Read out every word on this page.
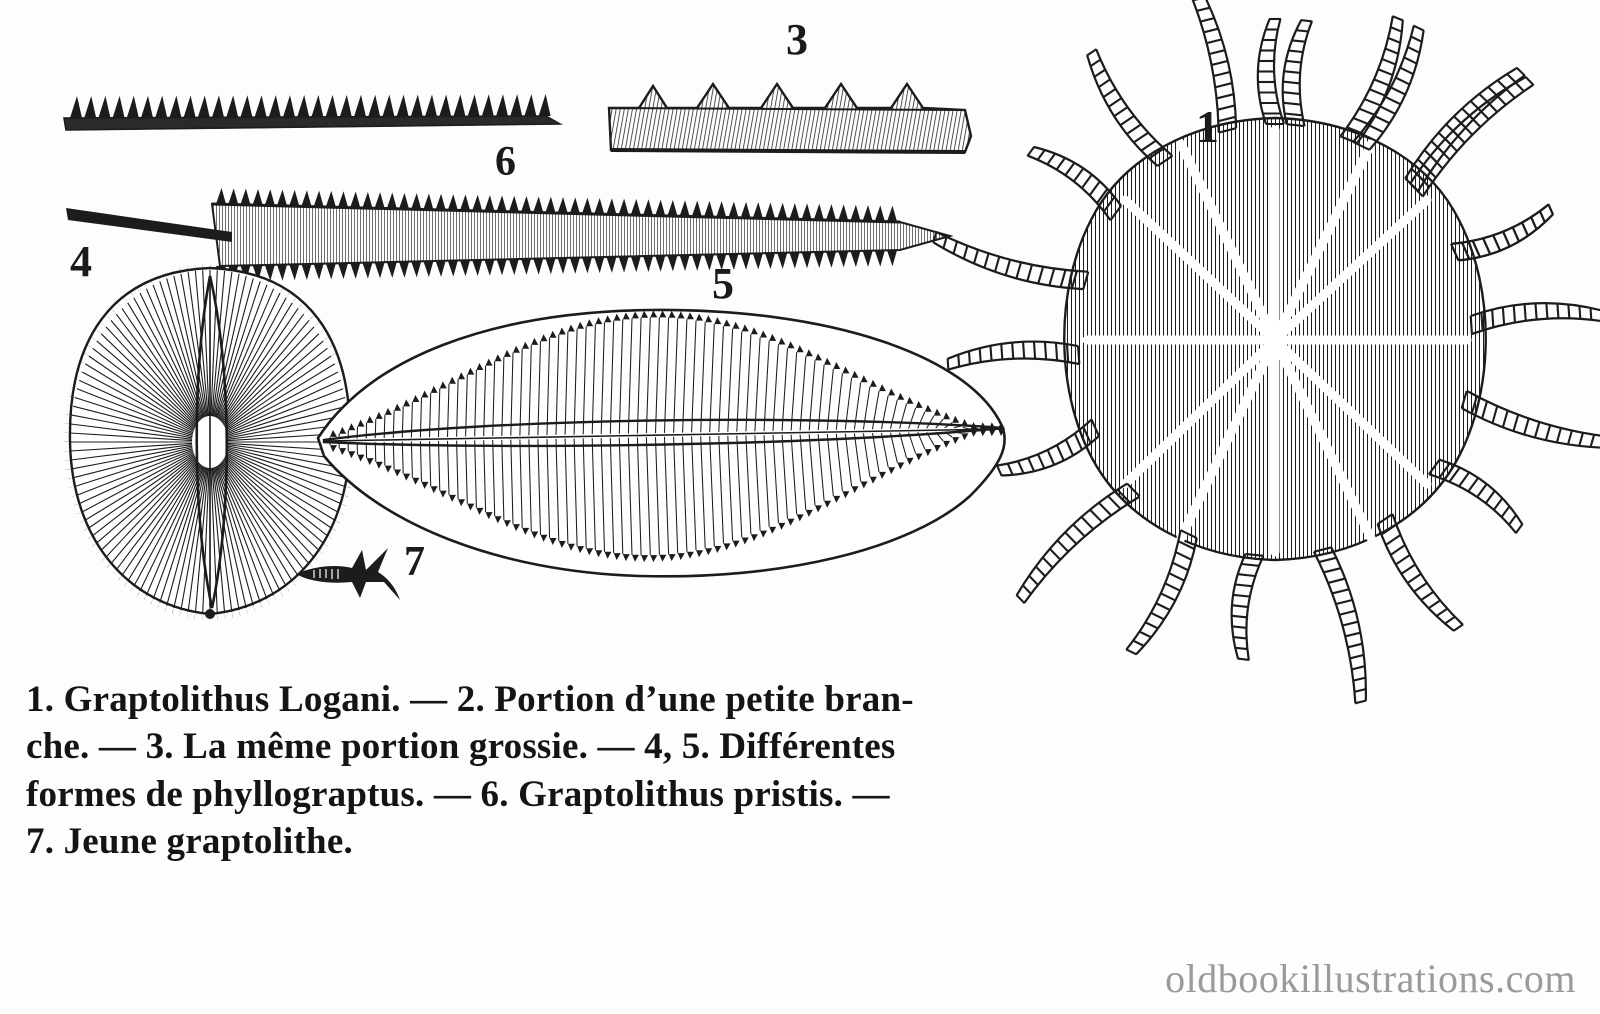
6
3
5
4
7
1
1. Graptolithus Logani. — 2. Portion d’une petite bran-
che. — 3. La même portion grossie. — 4, 5. Différentes
formes de phyllograptus. — 6. Graptolithus pristis. —
7. Jeune graptolithe.
oldbookillustrations.com
